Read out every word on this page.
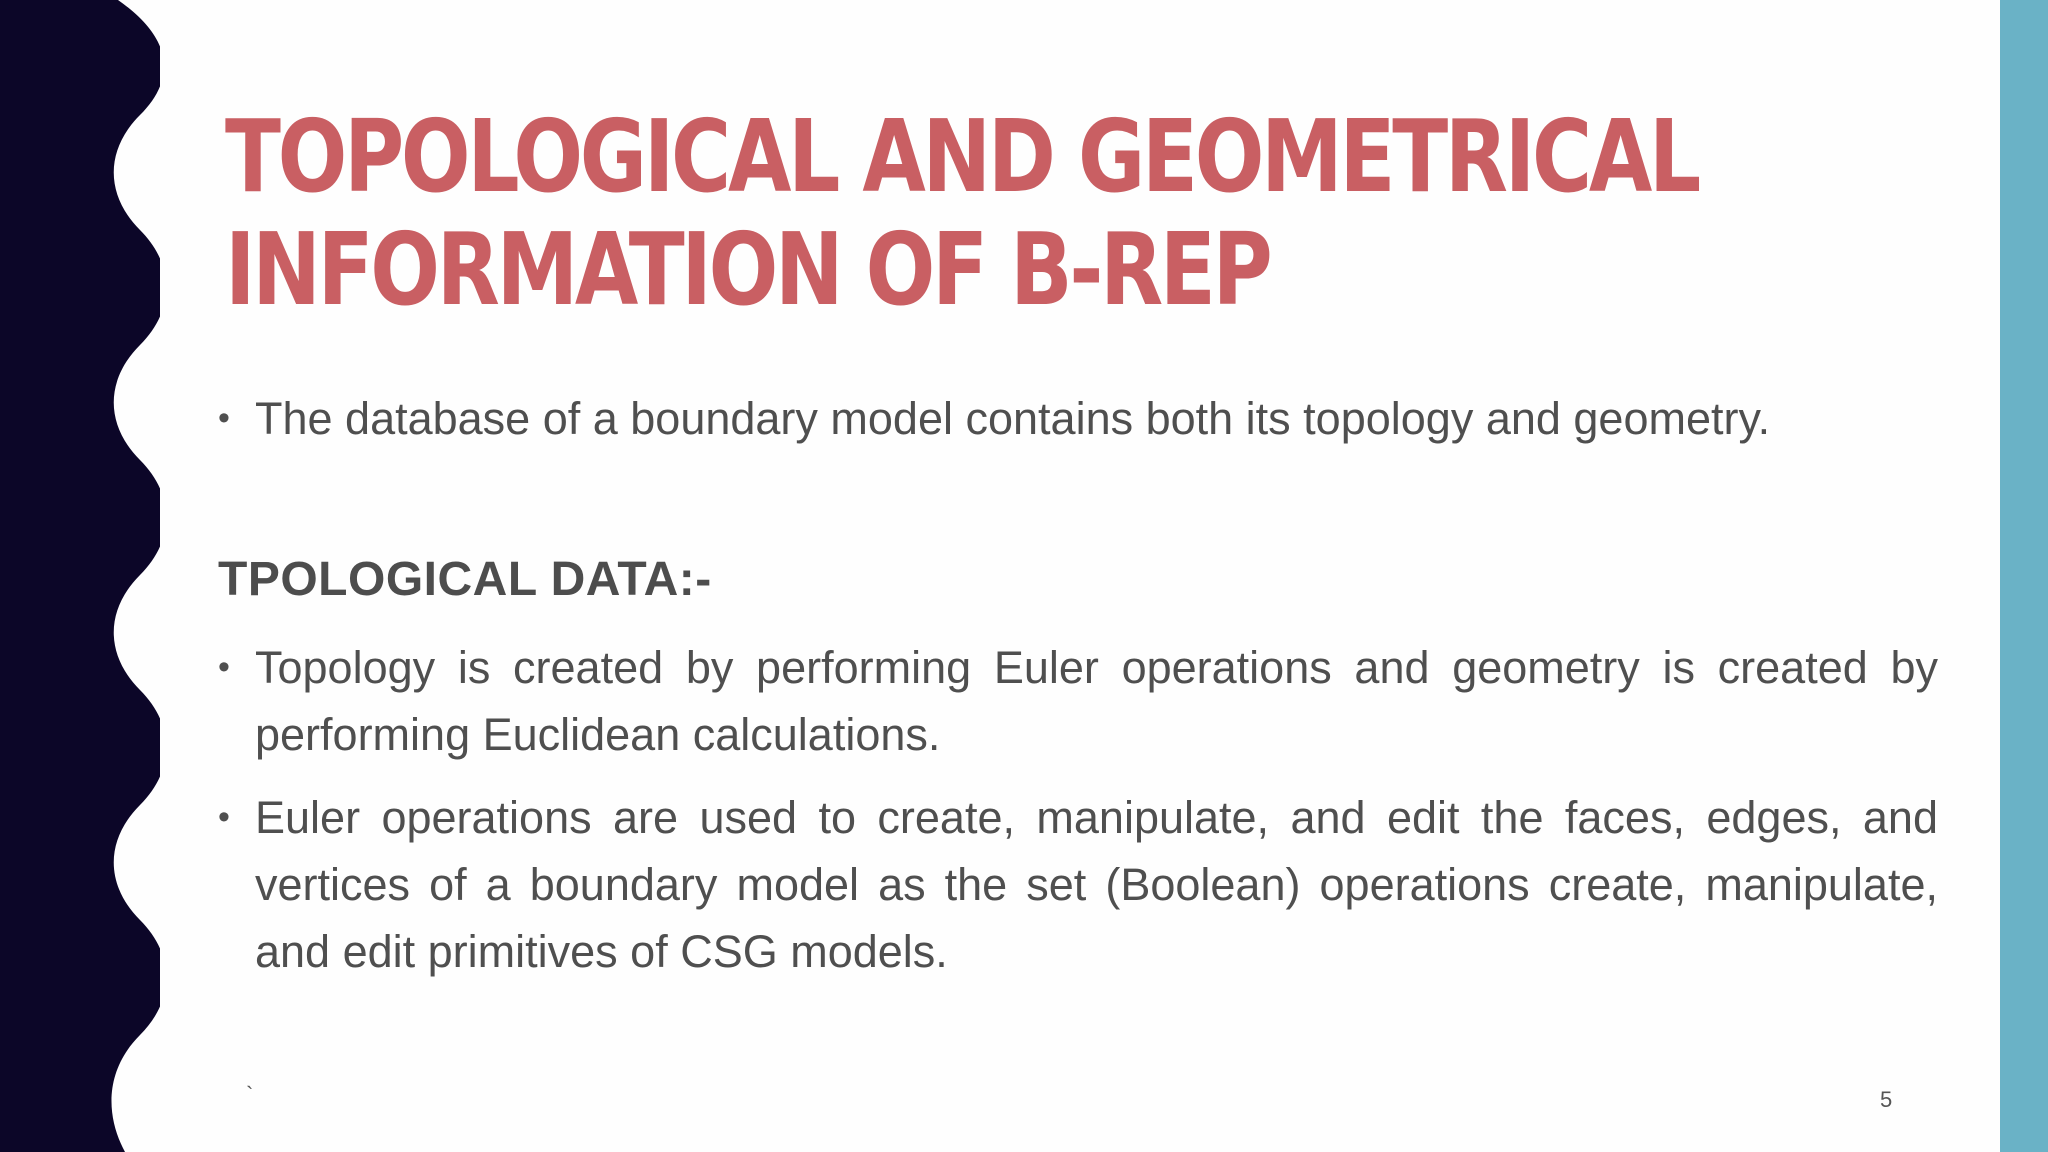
TOPOLOGICAL AND GEOMETRICAL
INFORMATION OF B-REP
• The database of a boundary model contains both its topology and geometry.
TPOLOGICAL DATA:-
• Topology is created by performing Euler operations and geometry is created by performing Euclidean calculations.
• Euler operations are used to create, manipulate, and edit the faces, edges, and vertices of a boundary model as the set (Boolean) operations create, manipulate, and edit primitives of CSG models.
`	5
